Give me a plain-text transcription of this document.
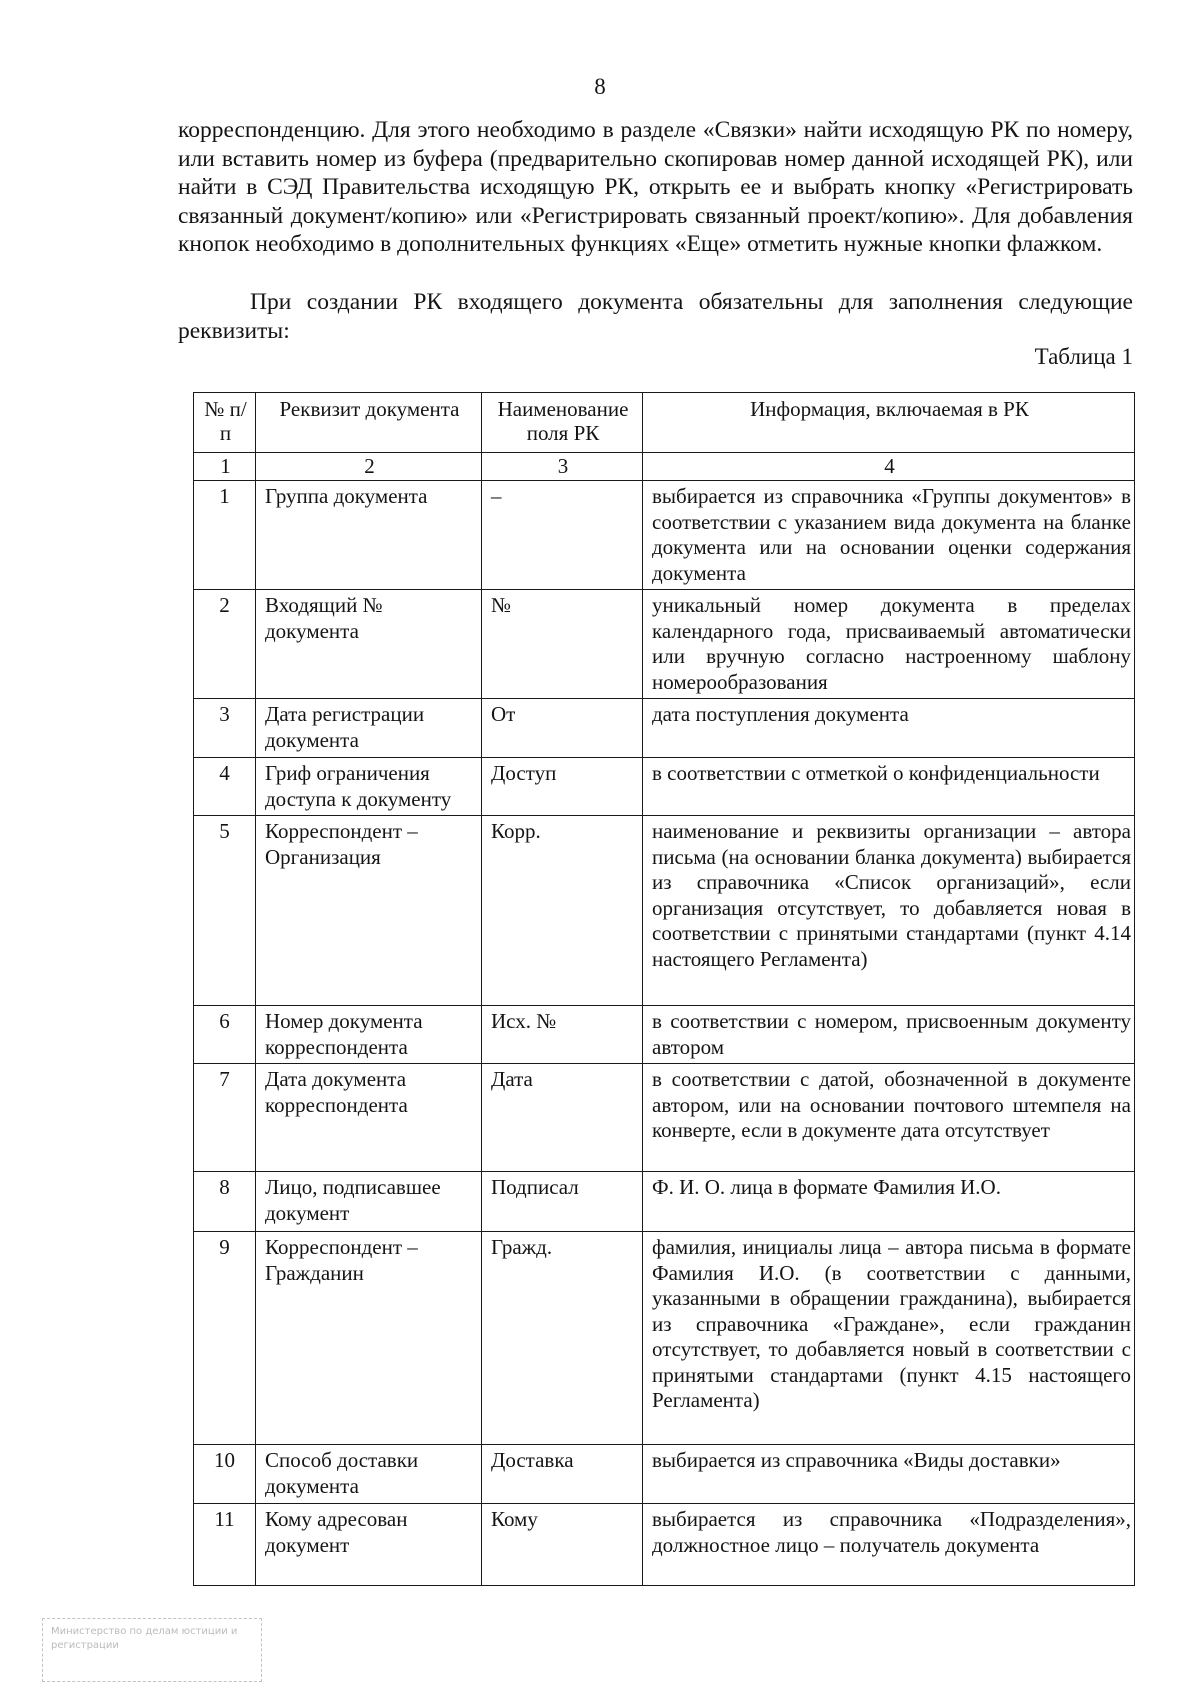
8

корреспонденцию. Для этого необходимо в разделе «Связки» найти исходящую РК по номеру, или вставить номер из буфера (предварительно скопировав номер данной исходящей РК), или найти в СЭД Правительства исходящую РК, открыть ее и выбрать кнопку «Регистрировать связанный документ/копию» или «Регистрировать связанный проект/копию». Для добавления кнопок необходимо в дополнительных функциях «Еще» отметить нужные кнопки флажком.

При создании РК входящего документа обязательны для заполнения следующие реквизиты:

Таблица 1
№ п/п	Реквизит документа	Наименование поля РК	Информация, включаемая в РК
1	2	3	4
1	Группа документа	–	выбирается из справочника «Группы документов» в соответствии с указанием вида документа на бланке документа или на основании оценки содержания документа
2	Входящий № документа	№	уникальный номер документа в пределах календарного года, присваиваемый автоматически или вручную согласно настроенному шаблону номерообразования
3	Дата регистрации документа	От	дата поступления документа
4	Гриф ограничения доступа к документу	Доступ	в соответствии с отметкой о конфиденциальности
5	Корреспондент – Организация	Корр.	наименование и реквизиты организации – автора письма (на основании бланка документа) выбирается из справочника «Список организаций», если организация отсутствует, то добавляется новая в соответствии с принятыми стандартами (пункт 4.14 настоящего Регламента)
6	Номер документа корреспондента	Исх. №	в соответствии с номером, присвоенным документу автором
7	Дата документа корреспондента	Дата	в соответствии с датой, обозначенной в документе автором, или на основании почтового штемпеля на конверте, если в документе дата отсутствует
8	Лицо, подписавшее документ	Подписал	Ф. И. О. лица в формате Фамилия И.О.
9	Корреспондент – Гражданин	Гражд.	фамилия, инициалы лица – автора письма в формате Фамилия И.О. (в соответствии с данными, указанными в обращении гражданина), выбирается из справочника «Граждане», если гражданин отсутствует, то добавляется новый в соответствии с принятыми стандартами (пункт 4.15 настоящего Регламента)
10	Способ доставки документа	Доставка	выбирается из справочника «Виды доставки»
11	Кому адресован документ	Кому	выбирается из справочника «Подразделения», должностное лицо – получатель документа
Министерство по делам юстиции и регистрации
